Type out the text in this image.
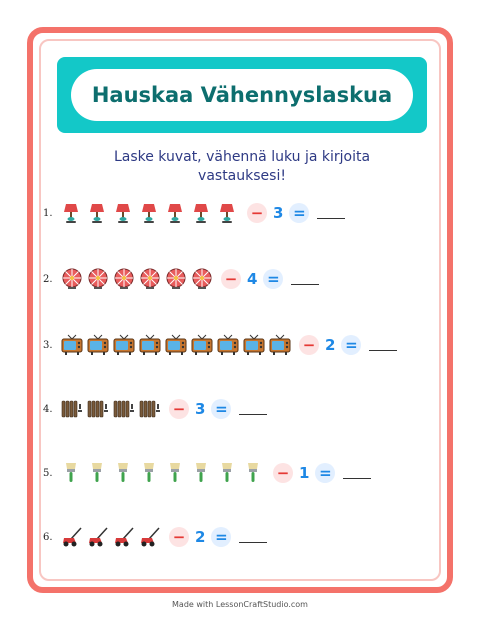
Hauskaa Vähennyslaskua
Laske kuvat, vähennä luku ja kirjoita vastauksesi!
1.	− 3 =
2.	− 4 =
3.	− 2 =
4.	− 3 =
5.	− 1 =
6.	− 2 =
Made with LessonCraftStudio.com
